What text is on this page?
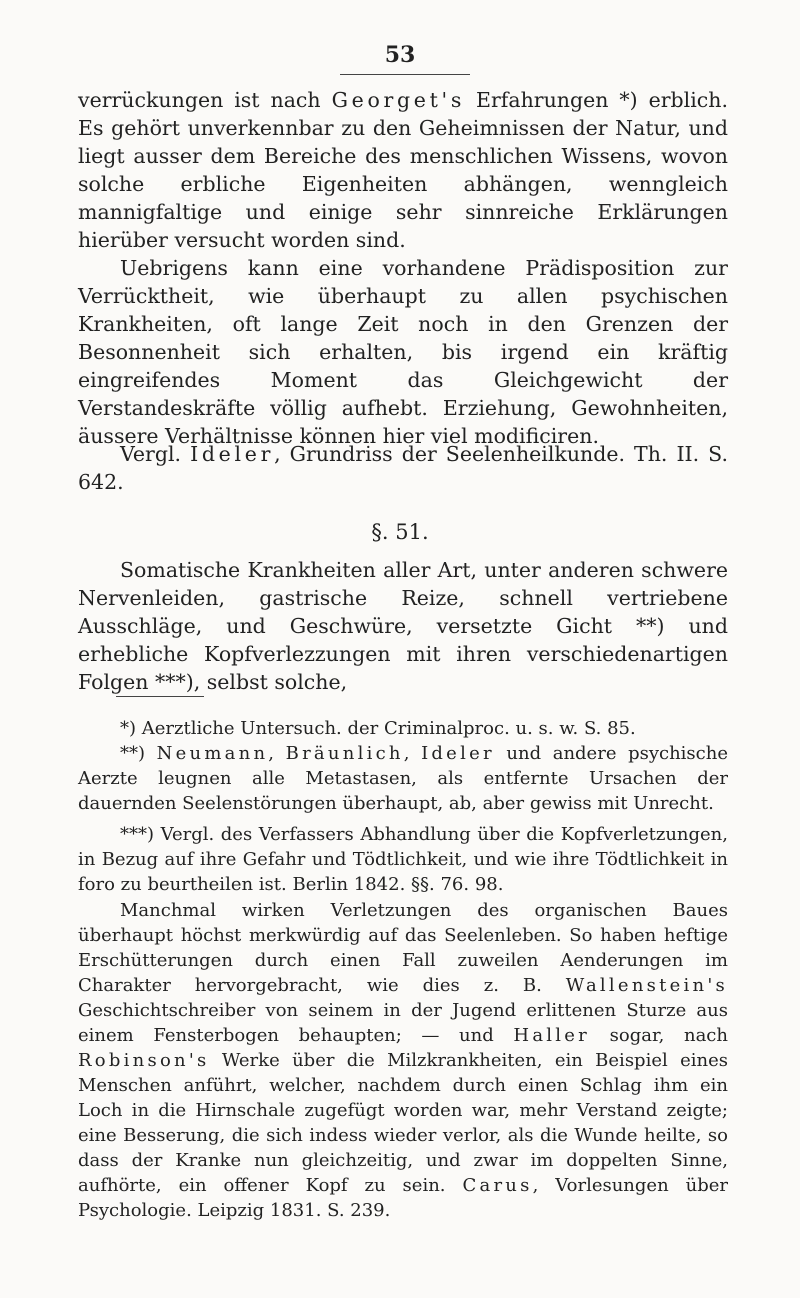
53

verrückungen ist nach Georget's Erfahrungen *) erblich. Es gehört unverkennbar zu den Geheimnissen der Natur, und liegt ausser dem Bereiche des menschlichen Wissens, wovon solche erbliche Eigenheiten abhängen, wenngleich mannigfaltige und einige sehr sinnreiche Erklärungen hierüber versucht worden sind.

Uebrigens kann eine vorhandene Prädisposition zur Verrücktheit, wie überhaupt zu allen psychischen Krankheiten, oft lange Zeit noch in den Grenzen der Besonnenheit sich erhalten, bis irgend ein kräftig eingreifendes Moment das Gleichgewicht der Verstandeskräfte völlig aufhebt. Erziehung, Gewohnheiten, äussere Verhältnisse können hier viel modificiren.

Vergl. Ideler, Grundriss der Seelenheilkunde. Th. II. S. 642.

§. 51.

Somatische Krankheiten aller Art, unter anderen schwere Nervenleiden, gastrische Reize, schnell vertriebene Ausschläge, und Geschwüre, versetzte Gicht **) und erhebliche Kopfverlezzungen mit ihren verschiedenartigen Folgen ***), selbst solche,

*) Aerztliche Untersuch. der Criminalproc. u. s. w. S. 85.

**) Neumann, Bräunlich, Ideler und andere psychische Aerzte leugnen alle Metastasen, als entfernte Ursachen der dauernden Seelenstörungen überhaupt, ab, aber gewiss mit Unrecht.

***) Vergl. des Verfassers Abhandlung über die Kopfverletzungen, in Bezug auf ihre Gefahr und Tödtlichkeit, und wie ihre Tödtlichkeit in foro zu beurtheilen ist. Berlin 1842. §§. 76. 98.

Manchmal wirken Verletzungen des organischen Baues überhaupt höchst merkwürdig auf das Seelenleben. So haben heftige Erschütterungen durch einen Fall zuweilen Aenderungen im Charakter hervorgebracht, wie dies z. B. Wallenstein's Geschichtschreiber von seinem in der Jugend erlittenen Sturze aus einem Fensterbogen behaupten; — und Haller sogar, nach Robinson's Werke über die Milzkrankheiten, ein Beispiel eines Menschen anführt, welcher, nachdem durch einen Schlag ihm ein Loch in die Hirnschale zugefügt worden war, mehr Verstand zeigte; eine Besserung, die sich indess wieder verlor, als die Wunde heilte, so dass der Kranke nun gleichzeitig, und zwar im doppelten Sinne, aufhörte, ein offener Kopf zu sein. Carus, Vorlesungen über Psychologie. Leipzig 1831. S. 239.
